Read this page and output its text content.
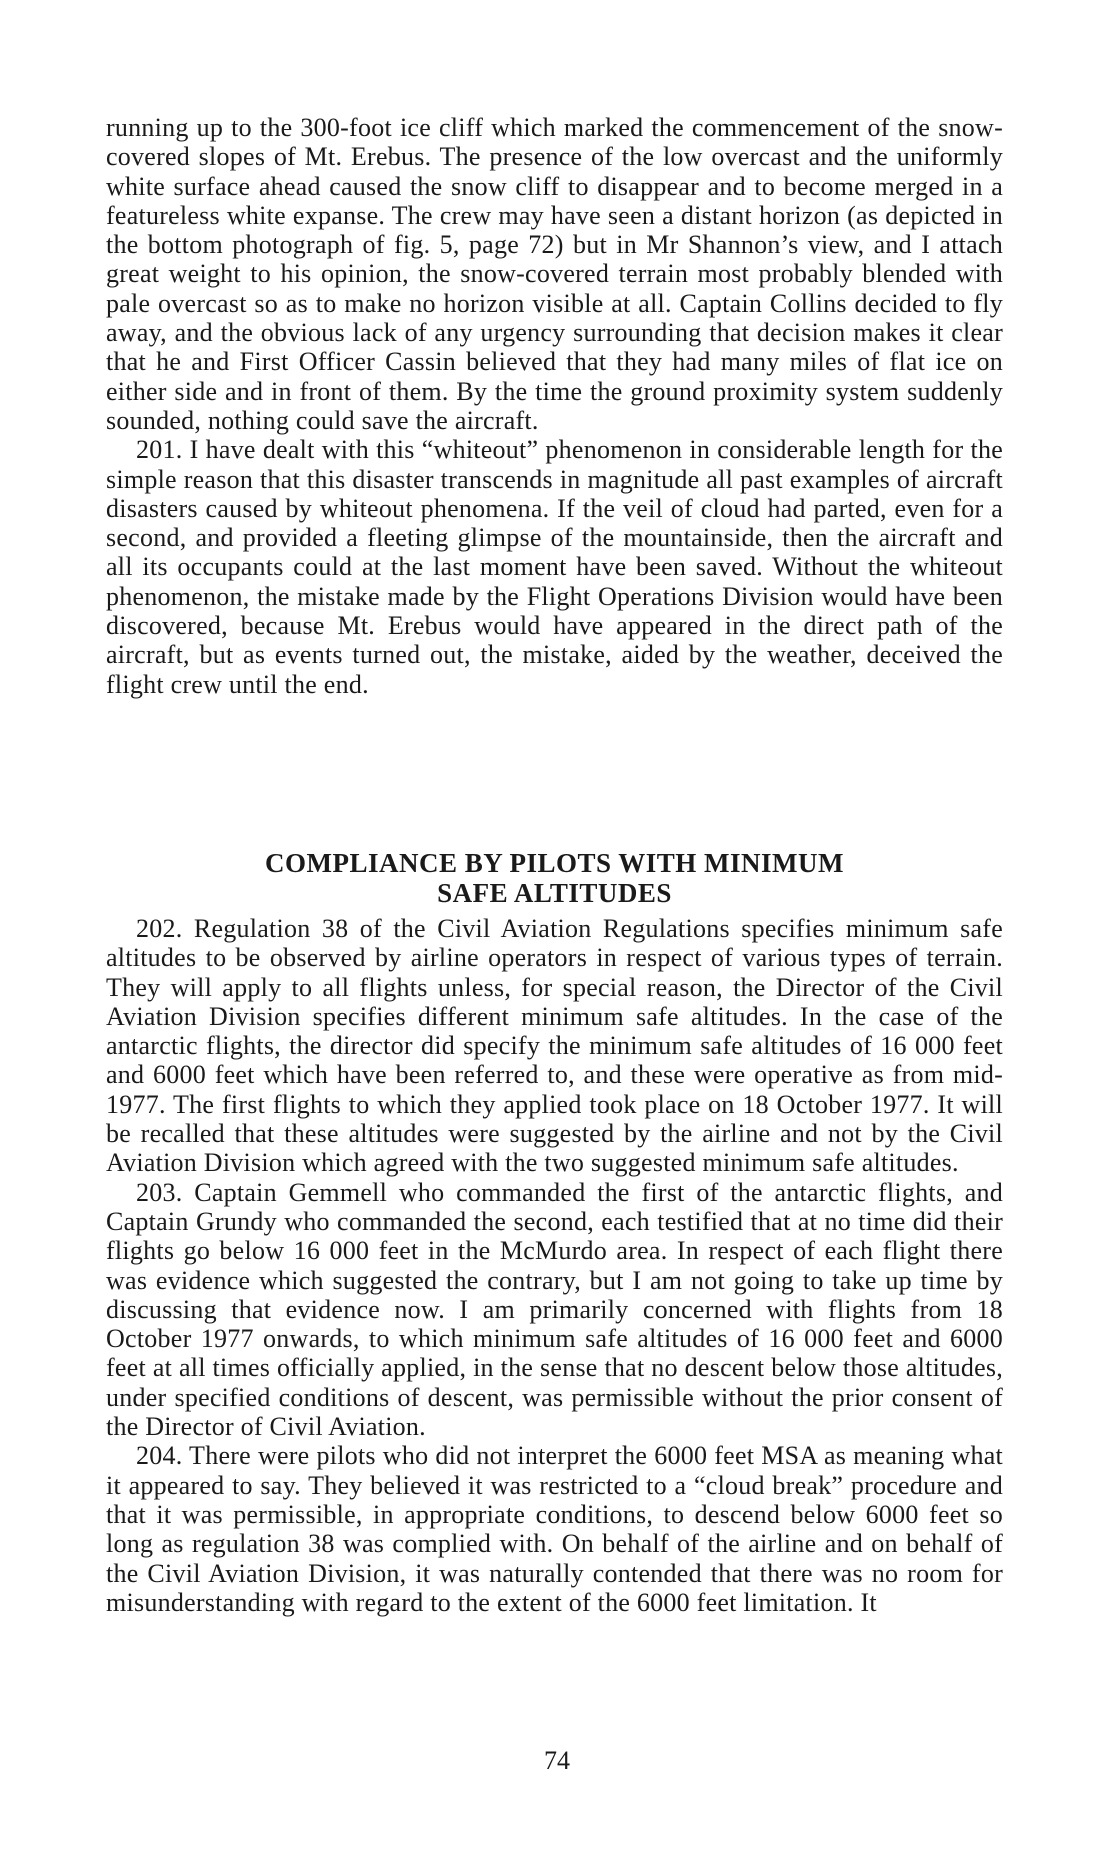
running up to the 300-foot ice cliff which marked the commencement of the snow-covered slopes of Mt. Erebus. The presence of the low overcast and the uniformly white surface ahead caused the snow cliff to disappear and to become merged in a featureless white expanse. The crew may have seen a distant horizon (as depicted in the bottom photograph of fig. 5, page 72) but in Mr Shannon’s view, and I attach great weight to his opinion, the snow-covered terrain most probably blended with pale overcast so as to make no horizon visible at all. Captain Collins decided to fly away, and the obvious lack of any urgency surrounding that decision makes it clear that he and First Officer Cassin believed that they had many miles of flat ice on either side and in front of them. By the time the ground proximity system suddenly sounded, nothing could save the aircraft.

201. I have dealt with this “whiteout” phenomenon in considerable length for the simple reason that this disaster transcends in magnitude all past examples of aircraft disasters caused by whiteout phenomena. If the veil of cloud had parted, even for a second, and provided a fleeting glimpse of the mountainside, then the aircraft and all its occupants could at the last moment have been saved. Without the whiteout phenomenon, the mistake made by the Flight Operations Division would have been discovered, because Mt. Erebus would have appeared in the direct path of the aircraft, but as events turned out, the mistake, aided by the weather, deceived the flight crew until the end.

COMPLIANCE BY PILOTS WITH MINIMUM
SAFE ALTITUDES

202. Regulation 38 of the Civil Aviation Regulations specifies minimum safe altitudes to be observed by airline operators in respect of various types of terrain. They will apply to all flights unless, for special reason, the Director of the Civil Aviation Division specifies different minimum safe altitudes. In the case of the antarctic flights, the director did specify the minimum safe altitudes of 16 000 feet and 6000 feet which have been referred to, and these were operative as from mid-1977. The first flights to which they applied took place on 18 October 1977. It will be recalled that these altitudes were suggested by the airline and not by the Civil Aviation Division which agreed with the two suggested minimum safe altitudes.

203. Captain Gemmell who commanded the first of the antarctic flights, and Captain Grundy who commanded the second, each testified that at no time did their flights go below 16 000 feet in the McMurdo area. In respect of each flight there was evidence which suggested the contrary, but I am not going to take up time by discussing that evidence now. I am primarily concerned with flights from 18 October 1977 onwards, to which minimum safe altitudes of 16 000 feet and 6000 feet at all times officially applied, in the sense that no descent below those altitudes, under specified conditions of descent, was permissible without the prior consent of the Director of Civil Aviation.

204. There were pilots who did not interpret the 6000 feet MSA as meaning what it appeared to say. They believed it was restricted to a “cloud break” procedure and that it was permissible, in appropriate conditions, to descend below 6000 feet so long as regulation 38 was complied with. On behalf of the airline and on behalf of the Civil Aviation Division, it was naturally contended that there was no room for misunderstanding with regard to the extent of the 6000 feet limitation. It

74
